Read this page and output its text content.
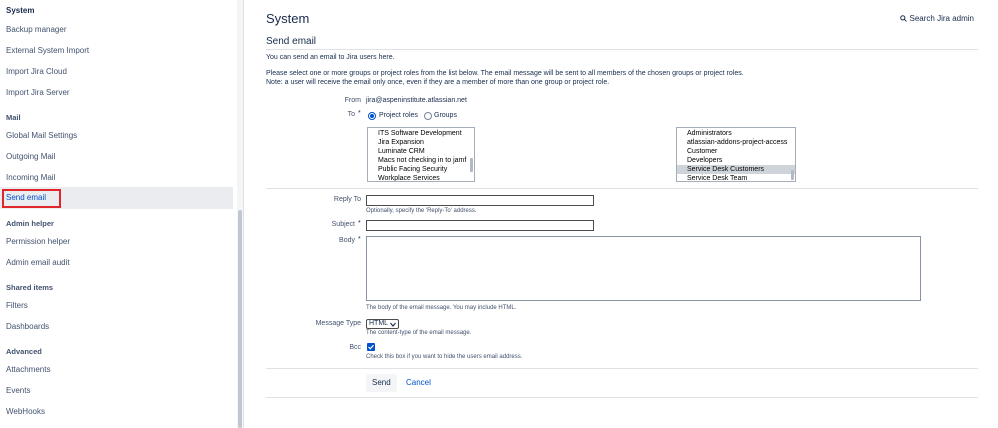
System
Backup manager
External System Import
Import Jira Cloud
Import Jira Server
Mail
Global Mail Settings
Outgoing Mail
Incoming Mail
Send email
Admin helper
Permission helper
Admin email audit
Shared items
Filters
Dashboards
Advanced
Attachments
Events
WebHooks
System	Search Jira admin
Send email
You can send an email to Jira users here.
Please select one or more groups or project roles from the list below. The email message will be sent to all members of the chosen groups or project roles.
Note: a user will receive the email only once, even if they are a member of more than one group or project role.
From jira@aspeninstitute.atlassian.net
To *	Project roles Groups
ITS Software Development
Jira Expansion
Luminate CRM
Macs not checking in to jamf
Public Facing Security
Workplace Services
Administrators
atlassian-addons-project-access
Customer
Developers
Service Desk Customers
Service Desk Team
Reply To
Optionally, specify the 'Reply-To' address.
Subject *
Body *
The body of the email message. You may include HTML.
Message Type HTML
The content-type of the email message.
Bcc
Check this box if you want to hide the users email address.
Send	Cancel
